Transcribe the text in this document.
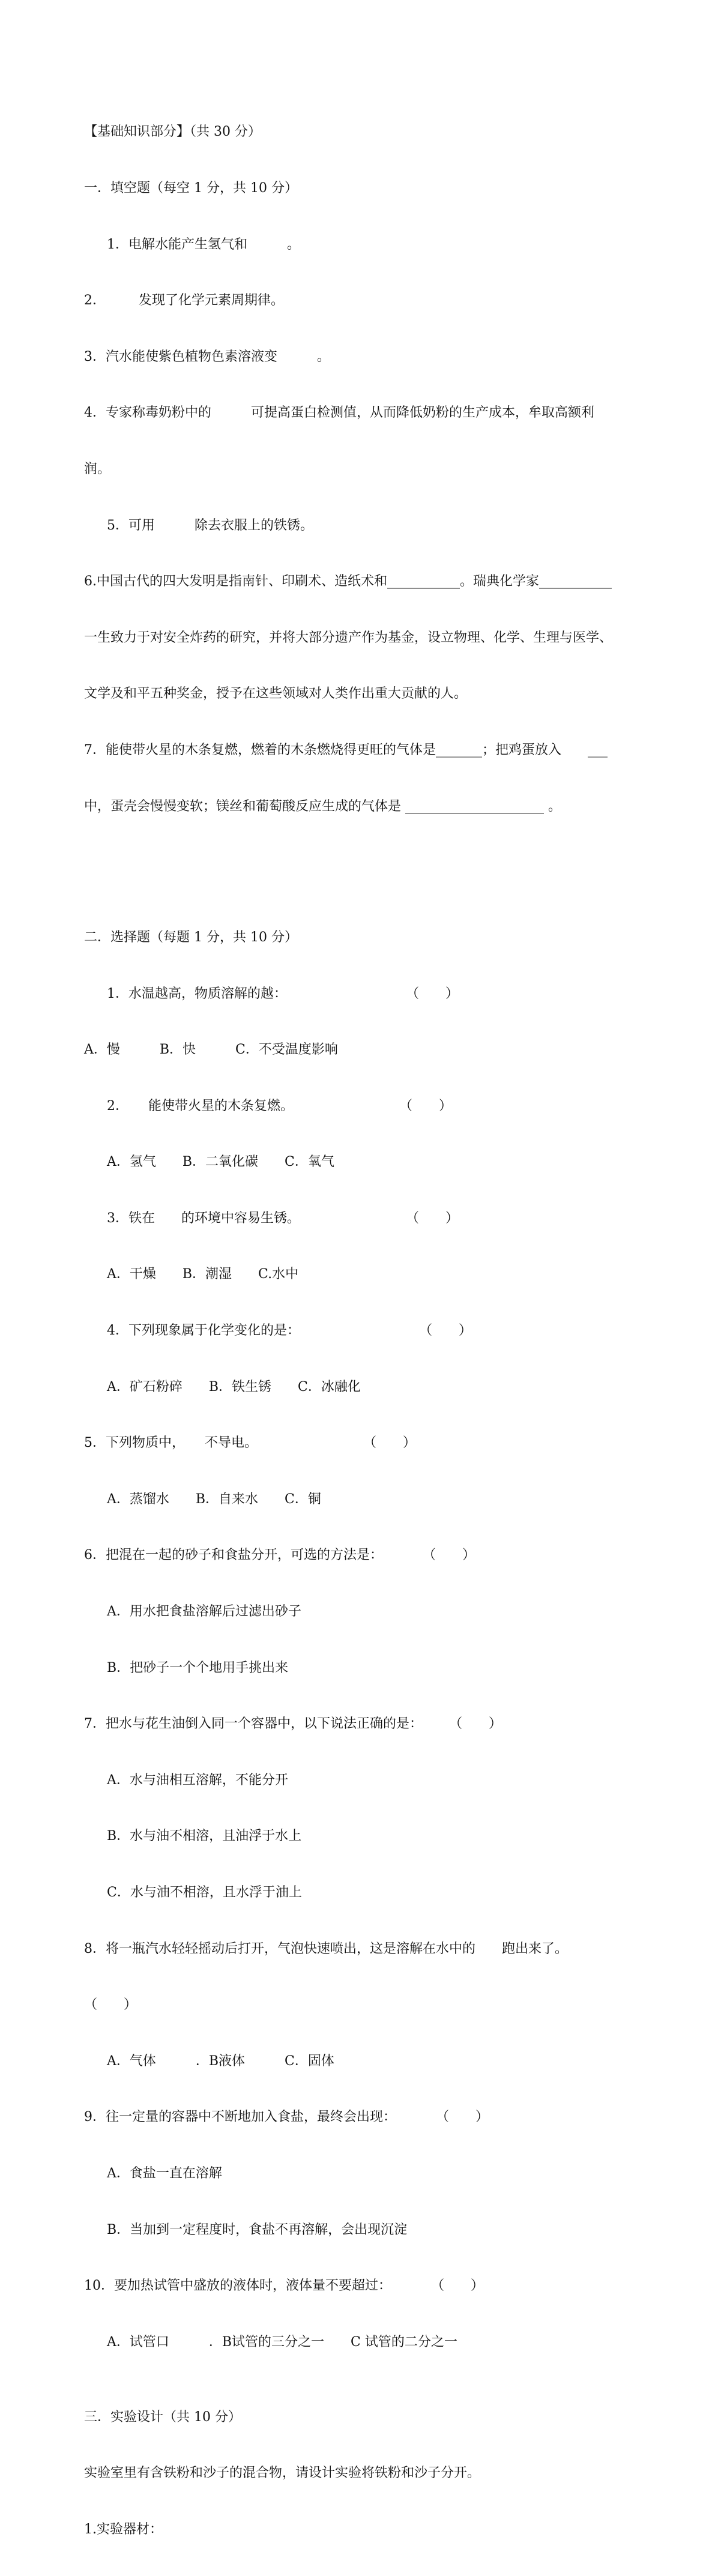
【基础知识部分】（共 30 分）

一．填空题（每空 1 分，共 10 分）

1．电解水能产生氢气和　　　。

2．　　　发现了化学元素周期律。

3．汽水能使紫色植物色素溶液变　　　。

4．专家称毒奶粉中的　　　可提高蛋白检测值，从而降低奶粉的生产成本，牟取高额利

润。

5．可用　　　除去衣服上的铁锈。

6.中国古代的四大发明是指南针、印刷术、造纸术和___________。瑞典化学家___________

一生致力于对安全炸药的研究，并将大部分遗产作为基金，设立物理、化学、生理与医学、

文学及和平五种奖金，授予在这些领域对人类作出重大贡献的人。

7．能使带火星的木条复燃，燃着的木条燃烧得更旺的气体是_______；把鸡蛋放入　　___

中，蛋壳会慢慢变软；镁丝和葡萄酸反应生成的气体是 _____________________ 。

二．选择题（每题 1 分，共 10 分）

1．水温越高，物质溶解的越：　　　　　　　　　　（　　）

A．慢　　　B．快　　　C．不受温度影响

2．　　能使带火星的木条复燃。　　　　　　　　　（　　）

A．氢气　　B．二氧化碳　　C．氧气

3．铁在　　的环境中容易生锈。　　　　　　　　　（　　）

A．干燥　　B．潮湿　　C.水中

4．下列现象属于化学变化的是：　　　　　　　　　　（　　）

A．矿石粉碎　　B．铁生锈　　C．冰融化

5．下列物质中，　　不导电。　　　　　　　　　（　　）

A．蒸馏水　　B．自来水　　C．铜

6．把混在一起的砂子和食盐分开，可选的方法是：　　　　（　　）

A．用水把食盐溶解后过滤出砂子

B．把砂子一个个地用手挑出来

7．把水与花生油倒入同一个容器中，以下说法正确的是：　　　（　　）

A．水与油相互溶解，不能分开

B．水与油不相溶，且油浮于水上

C．水与油不相溶，且水浮于油上

8．将一瓶汽水轻轻摇动后打开，气泡快速喷出，这是溶解在水中的　　跑出来了。

（　　）

A．气体　　　．B液体　　　C．固体

9．往一定量的容器中不断地加入食盐，最终会出现：　　　　（　　）

A．食盐一直在溶解

B．当加到一定程度时，食盐不再溶解，会出现沉淀

10．要加热试管中盛放的液体时，液体量不要超过：　　　　（　　）

A．试管口　　　．B试管的三分之一　　C 试管的二分之一

三．实验设计（共 10 分）

实验室里有含铁粉和沙子的混合物，请设计实验将铁粉和沙子分开。

1.实验器材：
